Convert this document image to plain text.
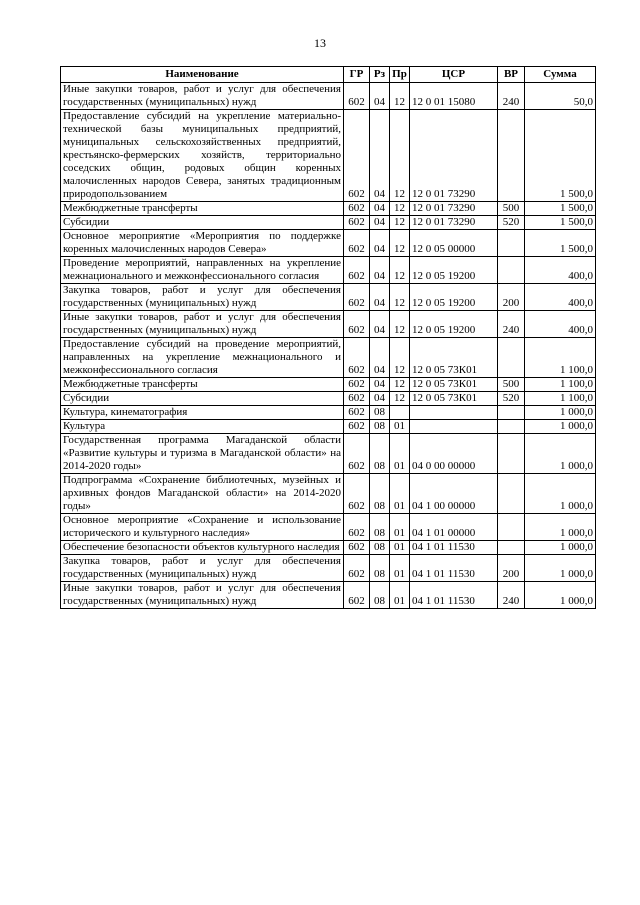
13
Наименование	ГР	Рз	Пр	ЦСР	ВР	Сумма
Иные закупки товаров, работ и услуг для обеспечения государственных (муниципальных) нужд	602	04	12	12 0 01 15080	240	50,0
Предоставление субсидий на укрепление материально-технической базы муниципальных предприятий, муниципальных сельскохозяйственных предприятий, крестьянско-фермерских хозяйств, территориально соседских общин, родовых общин коренных малочисленных народов Севера, занятых традиционным природопользованием	602	04	12	12 0 01 73290		1 500,0
Межбюджетные трансферты	602	04	12	12 0 01 73290	500	1 500,0
Субсидии	602	04	12	12 0 01 73290	520	1 500,0
Основное мероприятие «Мероприятия по поддержке коренных малочисленных народов Севера»	602	04	12	12 0 05 00000		1 500,0
Проведение мероприятий, направленных на укрепление межнационального и межконфессионального согласия	602	04	12	12 0 05 19200		400,0
Закупка товаров, работ и услуг для обеспечения государственных (муниципальных) нужд	602	04	12	12 0 05 19200	200	400,0
Иные закупки товаров, работ и услуг для обеспечения государственных (муниципальных) нужд	602	04	12	12 0 05 19200	240	400,0
Предоставление субсидий на проведение мероприятий, направленных на укрепление межнационального и межконфессионального согласия	602	04	12	12 0 05 73К01		1 100,0
Межбюджетные трансферты	602	04	12	12 0 05 73К01	500	1 100,0
Субсидии	602	04	12	12 0 05 73К01	520	1 100,0
Культура, кинематография	602	08				1 000,0
Культура	602	08	01			1 000,0
Государственная программа Магаданской области «Развитие культуры и туризма в Магаданской области» на 2014-2020 годы»	602	08	01	04 0 00 00000		1 000,0
Подпрограмма «Сохранение библиотечных, музейных и архивных фондов Магаданской области» на 2014-2020 годы»	602	08	01	04 1 00 00000		1 000,0
Основное мероприятие «Сохранение и использование исторического и культурного наследия»	602	08	01	04 1 01 00000		1 000,0
Обеспечение безопасности объектов культурного наследия	602	08	01	04 1 01 11530		1 000,0
Закупка товаров, работ и услуг для обеспечения государственных (муниципальных) нужд	602	08	01	04 1 01 11530	200	1 000,0
Иные закупки товаров, работ и услуг для обеспечения государственных (муниципальных) нужд	602	08	01	04 1 01 11530	240	1 000,0
